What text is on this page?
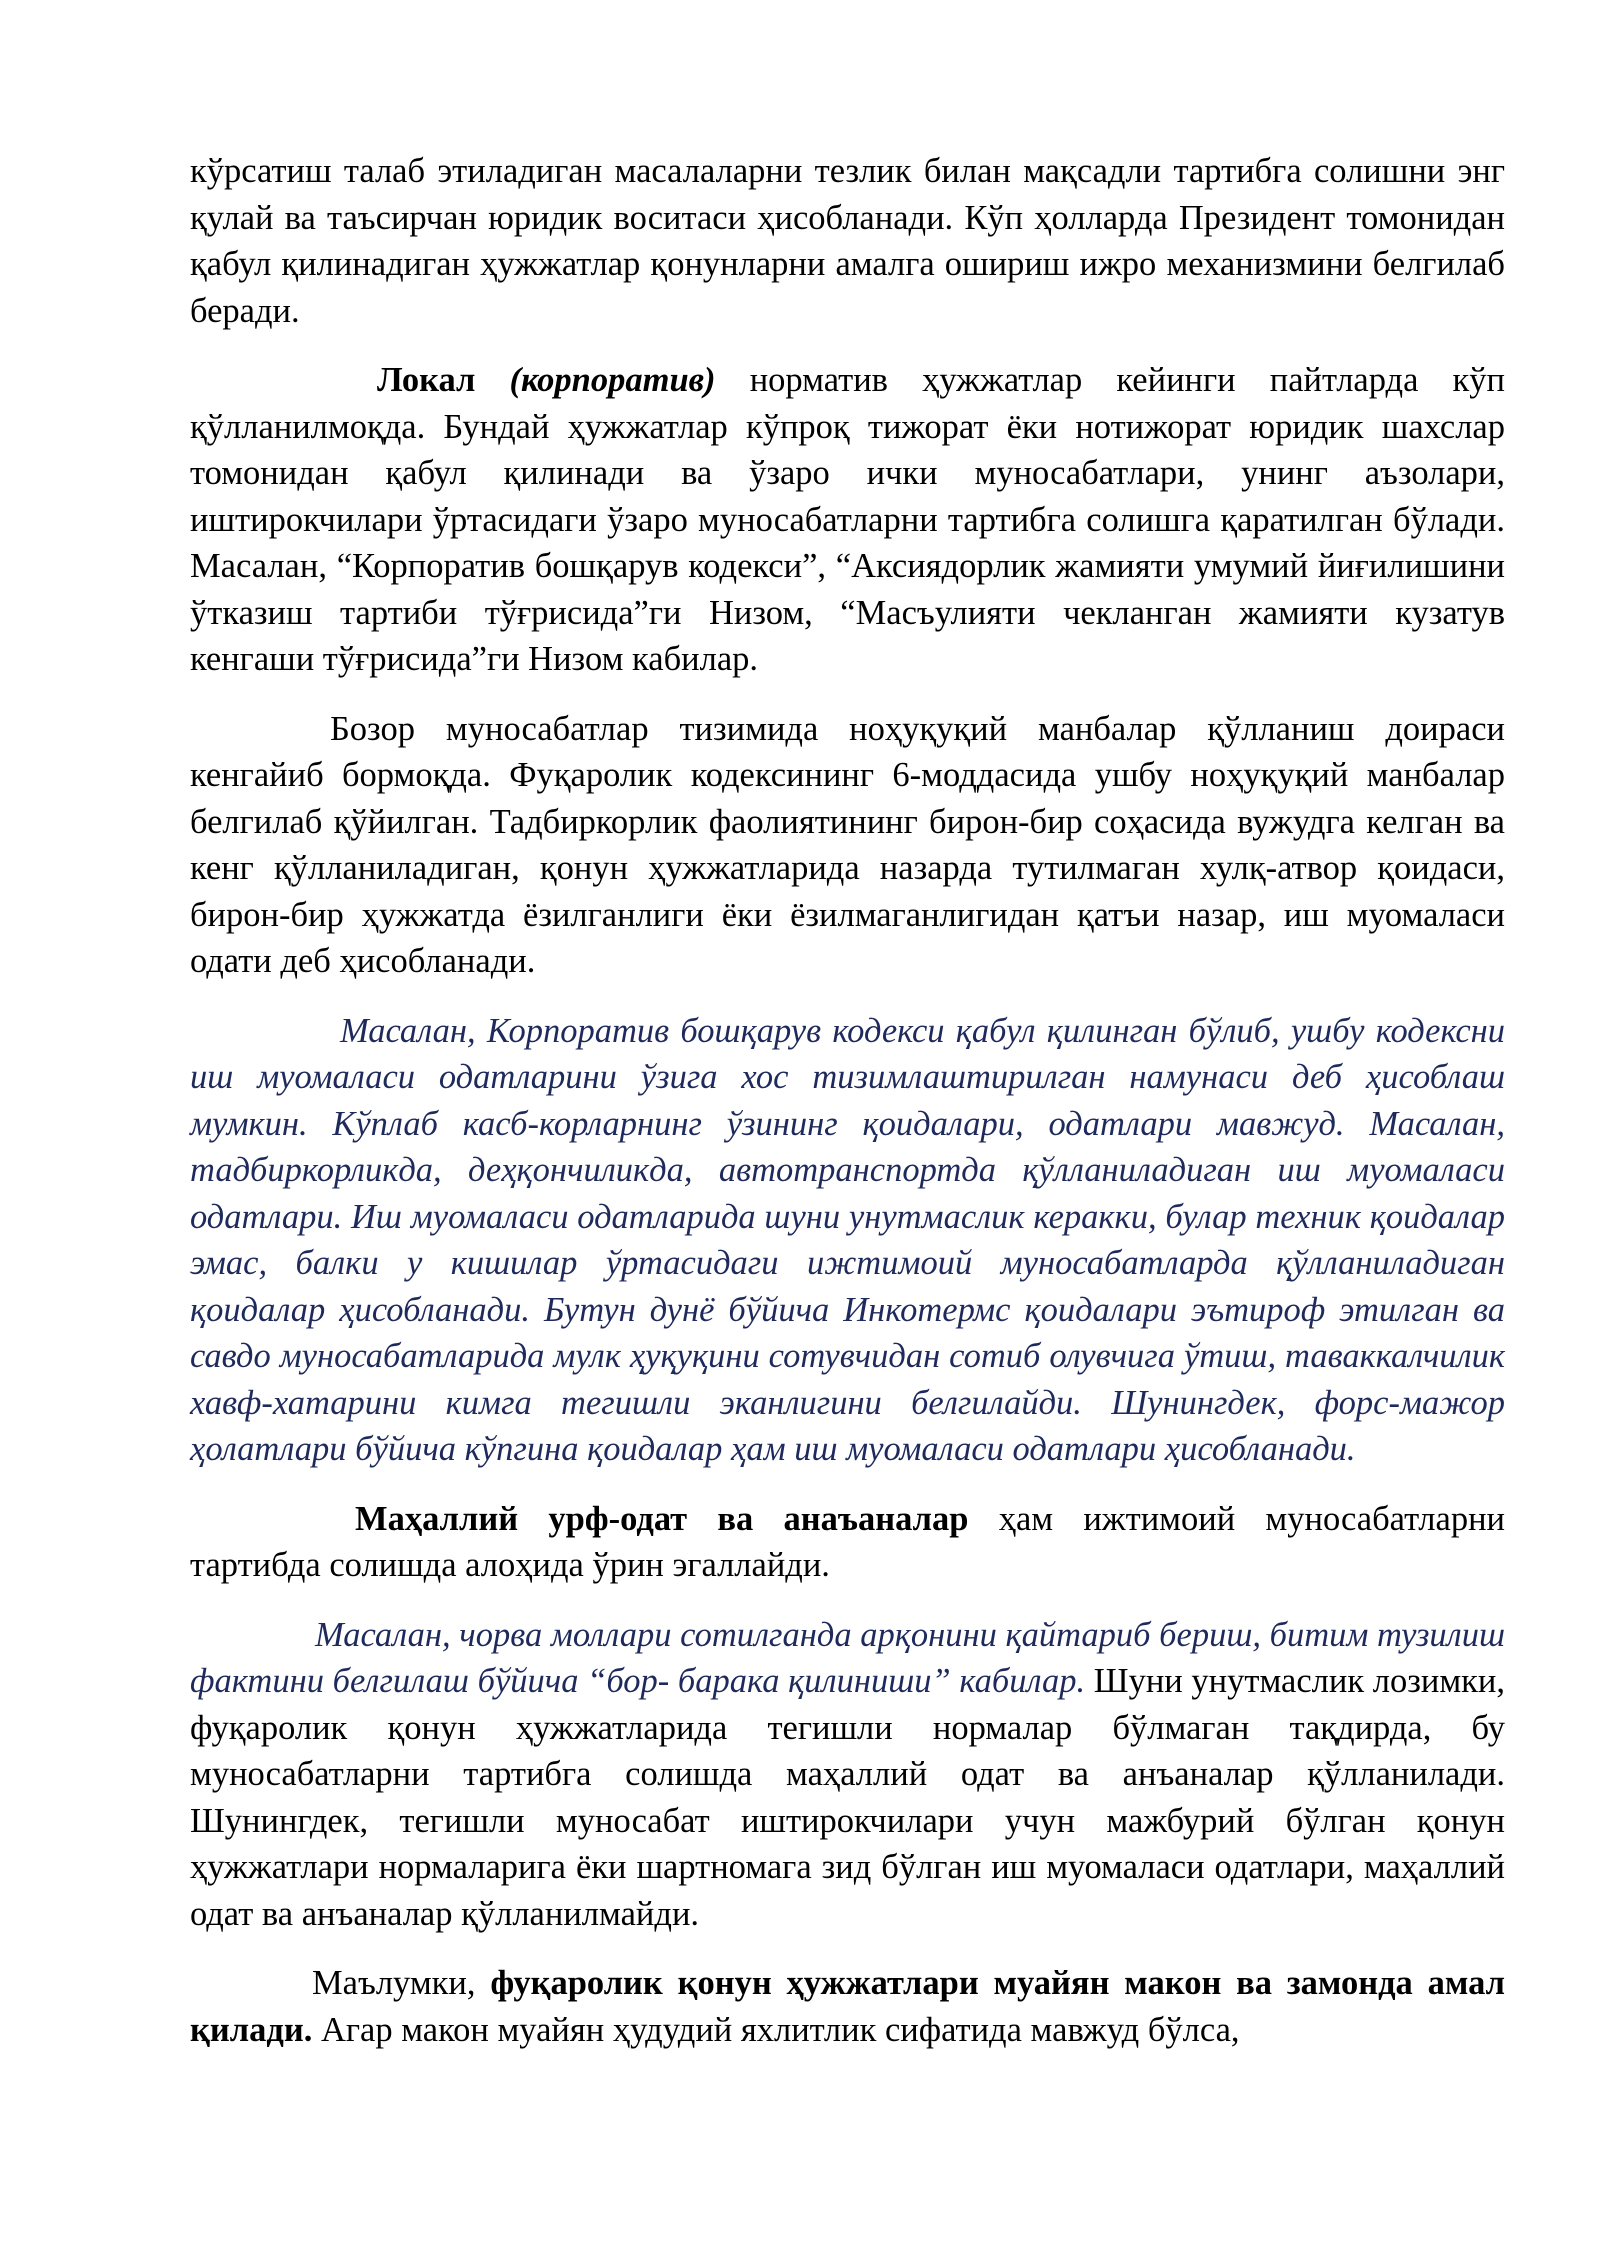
кўрсатиш талаб этиладиган масалаларни тезлик билан мақсадли тартибга солишни энг қулай ва таъсирчан юридик воситаси ҳисобланади. Кўп ҳолларда Президент томонидан қабул қилинадиган ҳужжатлар қонунларни амалга ошириш ижро механизмини белгилаб беради.

Локал (корпоратив) норматив ҳужжатлар кейинги пайтларда кўп қўлланилмоқда. Бундай ҳужжатлар кўпроқ тижорат ёки нотижорат юридик шахслар томонидан қабул қилинади ва ўзаро ички муносабатлари, унинг аъзолари, иштирокчилари ўртасидаги ўзаро муносабатларни тартибга солишга қаратилган бўлади. Масалан, “Корпоратив бошқарув кодекси”, “Аксиядорлик жамияти умумий йиғилишини ўтказиш тартиби тўғрисида”ги Низом, “Масъулияти чекланган жамияти кузатув кенгаши тўғрисида”ги Низом кабилар.

Бозор муносабатлар тизимида ноҳуқуқий манбалар қўлланиш доираси кенгайиб бормоқда. Фуқаролик кодексининг 6-моддасида ушбу ноҳуқуқий манбалар белгилаб қўйилган. Тадбиркорлик фаолиятининг бирон-бир соҳасида вужудга келган ва кенг қўлланиладиган, қонун ҳужжатларида назарда тутилмаган хулқ-атвор қоидаси, бирон-бир ҳужжатда ёзилганлиги ёки ёзилмаганлигидан қатъи назар, иш муомаласи одати деб ҳисобланади.

Масалан, Корпоратив бошқарув кодекси қабул қилинган бўлиб, ушбу кодексни иш муомаласи одатларини ўзига хос тизимлаштирилган намунаси деб ҳисоблаш мумкин. Кўплаб касб-корларнинг ўзининг қоидалари, одатлари мавжуд. Масалан, тадбиркорликда, деҳқончиликда, автотранспортда қўлланиладиган иш муомаласи одатлари. Иш муомаласи одатларида шуни унутмаслик керакки, булар техник қоидалар эмас, балки у кишилар ўртасидаги ижтимоий муносабатларда қўлланиладиган қоидалар ҳисобланади. Бутун дунё бўйича Инкотермс қоидалари эътироф этилган ва савдо муносабатларида мулк ҳуқуқини сотувчидан сотиб олувчига ўтиш, таваккалчилик хавф-хатарини кимга тегишли эканлигини белгилайди. Шунингдек, форс-мажор ҳолатлари бўйича кўпгина қоидалар ҳам иш муомаласи одатлари ҳисобланади.

Маҳаллий урф-одат ва анаъаналар ҳам ижтимоий муносабатларни тартибда солишда алоҳида ўрин эгаллайди.

Масалан, чорва моллари сотилганда арқонини қайтариб бериш, битим тузилиш фактини белгилаш бўйича “бор- барака қилиниши” кабилар. Шуни унутмаслик лозимки, фуқаролик қонун ҳужжатларида тегишли нормалар бўлмаган тақдирда, бу муносабатларни тартибга солишда маҳаллий одат ва анъаналар қўлланилади. Шунингдек, тегишли муносабат иштирокчилари учун мажбурий бўлган қонун ҳужжатлари нормаларига ёки шартномага зид бўлган иш муомаласи одатлари, маҳаллий одат ва анъаналар қўлланилмайди.

Маълумки, фуқаролик қонун ҳужжатлари муайян макон ва замонда амал қилади. Агар макон муайян ҳудудий яхлитлик сифатида мавжуд бўлса,
